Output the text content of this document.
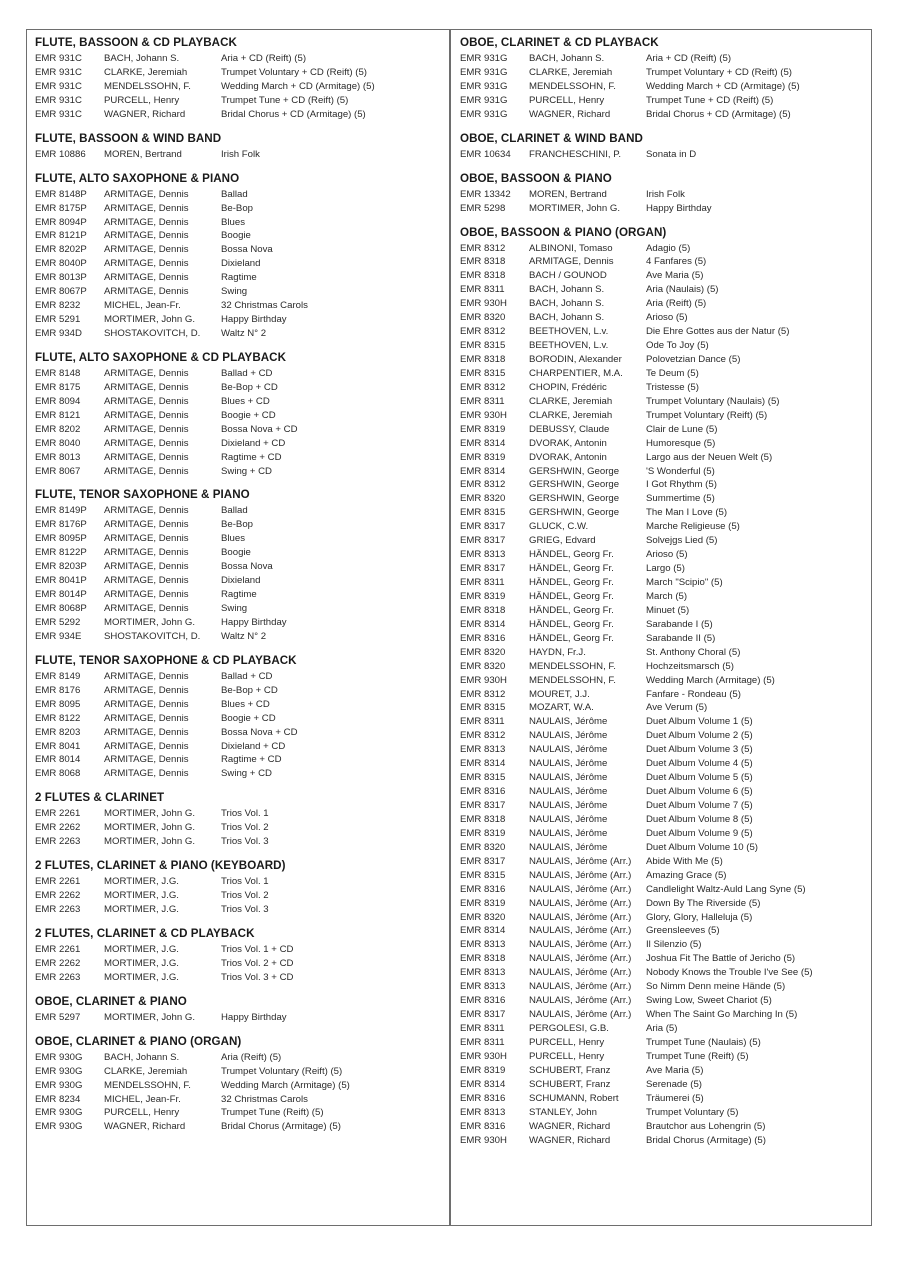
FLUTE, BASSOON & CD PLAYBACK
EMR 931C	BACH, Johann S.	Aria + CD (Reift) (5)
EMR 931C	CLARKE, Jeremiah	Trumpet Voluntary + CD (Reift) (5)
EMR 931C	MENDELSSOHN, F.	Wedding March + CD (Armitage) (5)
EMR 931C	PURCELL, Henry	Trumpet Tune + CD (Reift) (5)
EMR 931C	WAGNER, Richard	Bridal Chorus + CD (Armitage) (5)
FLUTE, BASSOON & WIND BAND
EMR 10886	MOREN, Bertrand	Irish Folk
FLUTE, ALTO SAXOPHONE & PIANO
EMR 8148P	ARMITAGE, Dennis	Ballad
EMR 8175P	ARMITAGE, Dennis	Be-Bop
EMR 8094P	ARMITAGE, Dennis	Blues
EMR 8121P	ARMITAGE, Dennis	Boogie
EMR 8202P	ARMITAGE, Dennis	Bossa Nova
EMR 8040P	ARMITAGE, Dennis	Dixieland
EMR 8013P	ARMITAGE, Dennis	Ragtime
EMR 8067P	ARMITAGE, Dennis	Swing
EMR 8232	MICHEL, Jean-Fr.	32 Christmas Carols
EMR 5291	MORTIMER, John G.	Happy Birthday
EMR 934D	SHOSTAKOVITCH, D.	Waltz N° 2
FLUTE, ALTO SAXOPHONE & CD PLAYBACK
EMR 8148	ARMITAGE, Dennis	Ballad + CD
EMR 8175	ARMITAGE, Dennis	Be-Bop + CD
EMR 8094	ARMITAGE, Dennis	Blues + CD
EMR 8121	ARMITAGE, Dennis	Boogie + CD
EMR 8202	ARMITAGE, Dennis	Bossa Nova + CD
EMR 8040	ARMITAGE, Dennis	Dixieland + CD
EMR 8013	ARMITAGE, Dennis	Ragtime + CD
EMR 8067	ARMITAGE, Dennis	Swing + CD
FLUTE, TENOR SAXOPHONE & PIANO
EMR 8149P	ARMITAGE, Dennis	Ballad
EMR 8176P	ARMITAGE, Dennis	Be-Bop
EMR 8095P	ARMITAGE, Dennis	Blues
EMR 8122P	ARMITAGE, Dennis	Boogie
EMR 8203P	ARMITAGE, Dennis	Bossa Nova
EMR 8041P	ARMITAGE, Dennis	Dixieland
EMR 8014P	ARMITAGE, Dennis	Ragtime
EMR 8068P	ARMITAGE, Dennis	Swing
EMR 5292	MORTIMER, John G.	Happy Birthday
EMR 934E	SHOSTAKOVITCH, D.	Waltz N° 2
FLUTE, TENOR SAXOPHONE & CD PLAYBACK
EMR 8149	ARMITAGE, Dennis	Ballad + CD
EMR 8176	ARMITAGE, Dennis	Be-Bop + CD
EMR 8095	ARMITAGE, Dennis	Blues + CD
EMR 8122	ARMITAGE, Dennis	Boogie + CD
EMR 8203	ARMITAGE, Dennis	Bossa Nova + CD
EMR 8041	ARMITAGE, Dennis	Dixieland + CD
EMR 8014	ARMITAGE, Dennis	Ragtime + CD
EMR 8068	ARMITAGE, Dennis	Swing + CD
2 FLUTES & CLARINET
EMR 2261	MORTIMER, John G.	Trios Vol. 1
EMR 2262	MORTIMER, John G.	Trios Vol. 2
EMR 2263	MORTIMER, John G.	Trios Vol. 3
2 FLUTES, CLARINET & PIANO (KEYBOARD)
EMR 2261	MORTIMER, J.G.	Trios Vol. 1
EMR 2262	MORTIMER, J.G.	Trios Vol. 2
EMR 2263	MORTIMER, J.G.	Trios Vol. 3
2 FLUTES, CLARINET & CD PLAYBACK
EMR 2261	MORTIMER, J.G.	Trios Vol. 1 + CD
EMR 2262	MORTIMER, J.G.	Trios Vol. 2 + CD
EMR 2263	MORTIMER, J.G.	Trios Vol. 3 + CD
OBOE, CLARINET & PIANO
EMR 5297	MORTIMER, John G.	Happy Birthday
OBOE, CLARINET & PIANO (ORGAN)
EMR 930G	BACH, Johann S.	Aria (Reift) (5)
EMR 930G	CLARKE, Jeremiah	Trumpet Voluntary (Reift) (5)
EMR 930G	MENDELSSOHN, F.	Wedding March (Armitage) (5)
EMR 8234	MICHEL, Jean-Fr.	32 Christmas Carols
EMR 930G	PURCELL, Henry	Trumpet Tune (Reift) (5)
EMR 930G	WAGNER, Richard	Bridal Chorus (Armitage) (5)
OBOE, CLARINET & CD PLAYBACK
EMR 931G	BACH, Johann S.	Aria + CD (Reift) (5)
EMR 931G	CLARKE, Jeremiah	Trumpet Voluntary + CD (Reift) (5)
EMR 931G	MENDELSSOHN, F.	Wedding March + CD (Armitage) (5)
EMR 931G	PURCELL, Henry	Trumpet Tune + CD (Reift) (5)
EMR 931G	WAGNER, Richard	Bridal Chorus + CD (Armitage) (5)
OBOE, CLARINET & WIND BAND
EMR 10634	FRANCHESCHINI, P.	Sonata in D
OBOE, BASSOON & PIANO
EMR 13342	MOREN, Bertrand	Irish Folk
EMR 5298	MORTIMER, John G.	Happy Birthday
OBOE, BASSOON & PIANO (ORGAN)
EMR 8312	ALBINONI, Tomaso	Adagio (5)
EMR 8318	ARMITAGE, Dennis	4 Fanfares (5)
EMR 8318	BACH / GOUNOD	Ave Maria (5)
EMR 8311	BACH, Johann S.	Aria (Naulais) (5)
EMR 930H	BACH, Johann S.	Aria (Reift) (5)
EMR 8320	BACH, Johann S.	Arioso (5)
EMR 8312	BEETHOVEN, L.v.	Die Ehre Gottes aus der Natur (5)
EMR 8315	BEETHOVEN, L.v.	Ode To Joy (5)
EMR 8318	BORODIN, Alexander	Polovetzian Dance (5)
EMR 8315	CHARPENTIER, M.A.	Te Deum (5)
EMR 8312	CHOPIN, Frédéric	Tristesse (5)
EMR 8311	CLARKE, Jeremiah	Trumpet Voluntary (Naulais) (5)
EMR 930H	CLARKE, Jeremiah	Trumpet Voluntary (Reift) (5)
EMR 8319	DEBUSSY, Claude	Clair de Lune (5)
EMR 8314	DVORAK, Antonin	Humoresque (5)
EMR 8319	DVORAK, Antonin	Largo aus der Neuen Welt (5)
EMR 8314	GERSHWIN, George	'S Wonderful (5)
EMR 8312	GERSHWIN, George	I Got Rhythm (5)
EMR 8320	GERSHWIN, George	Summertime (5)
EMR 8315	GERSHWIN, George	The Man I Love (5)
EMR 8317	GLUCK, C.W.	Marche Religieuse (5)
EMR 8317	GRIEG, Edvard	Solvejgs Lied (5)
EMR 8313	HÄNDEL, Georg Fr.	Arioso (5)
EMR 8317	HÄNDEL, Georg Fr.	Largo (5)
EMR 8311	HÄNDEL, Georg Fr.	March "Scipio" (5)
EMR 8319	HÄNDEL, Georg Fr.	March (5)
EMR 8318	HÄNDEL, Georg Fr.	Minuet (5)
EMR 8314	HÄNDEL, Georg Fr.	Sarabande I (5)
EMR 8316	HÄNDEL, Georg Fr.	Sarabande II (5)
EMR 8320	HAYDN, Fr.J.	St. Anthony Choral (5)
EMR 8320	MENDELSSOHN, F.	Hochzeitsmarsch (5)
EMR 930H	MENDELSSOHN, F.	Wedding March (Armitage) (5)
EMR 8312	MOURET, J.J.	Fanfare - Rondeau (5)
EMR 8315	MOZART, W.A.	Ave Verum (5)
EMR 8311	NAULAIS, Jérôme	Duet Album Volume 1 (5)
EMR 8312	NAULAIS, Jérôme	Duet Album Volume 2 (5)
EMR 8313	NAULAIS, Jérôme	Duet Album Volume 3 (5)
EMR 8314	NAULAIS, Jérôme	Duet Album Volume 4 (5)
EMR 8315	NAULAIS, Jérôme	Duet Album Volume 5 (5)
EMR 8316	NAULAIS, Jérôme	Duet Album Volume 6 (5)
EMR 8317	NAULAIS, Jérôme	Duet Album Volume 7 (5)
EMR 8318	NAULAIS, Jérôme	Duet Album Volume 8 (5)
EMR 8319	NAULAIS, Jérôme	Duet Album Volume 9 (5)
EMR 8320	NAULAIS, Jérôme	Duet Album Volume 10 (5)
EMR 8317	NAULAIS, Jérôme (Arr.)	Abide With Me (5)
EMR 8315	NAULAIS, Jérôme (Arr.)	Amazing Grace (5)
EMR 8316	NAULAIS, Jérôme (Arr.)	Candlelight Waltz-Auld Lang Syne (5)
EMR 8319	NAULAIS, Jérôme (Arr.)	Down By The Riverside (5)
EMR 8320	NAULAIS, Jérôme (Arr.)	Glory, Glory, Halleluja (5)
EMR 8314	NAULAIS, Jérôme (Arr.)	Greensleeves (5)
EMR 8313	NAULAIS, Jérôme (Arr.)	Il Silenzio (5)
EMR 8318	NAULAIS, Jérôme (Arr.)	Joshua Fit The Battle of Jericho (5)
EMR 8313	NAULAIS, Jérôme (Arr.)	Nobody Knows the Trouble I've See (5)
EMR 8313	NAULAIS, Jérôme (Arr.)	So Nimm Denn meine Hände (5)
EMR 8316	NAULAIS, Jérôme (Arr.)	Swing Low, Sweet Chariot (5)
EMR 8317	NAULAIS, Jérôme (Arr.)	When The Saint Go Marching In (5)
EMR 8311	PERGOLESI, G.B.	Aria (5)
EMR 8311	PURCELL, Henry	Trumpet Tune (Naulais) (5)
EMR 930H	PURCELL, Henry	Trumpet Tune (Reift) (5)
EMR 8319	SCHUBERT, Franz	Ave Maria (5)
EMR 8314	SCHUBERT, Franz	Serenade (5)
EMR 8316	SCHUMANN, Robert	Träumerei (5)
EMR 8313	STANLEY, John	Trumpet Voluntary (5)
EMR 8316	WAGNER, Richard	Brautchor aus Lohengrin (5)
EMR 930H	WAGNER, Richard	Bridal Chorus (Armitage) (5)
